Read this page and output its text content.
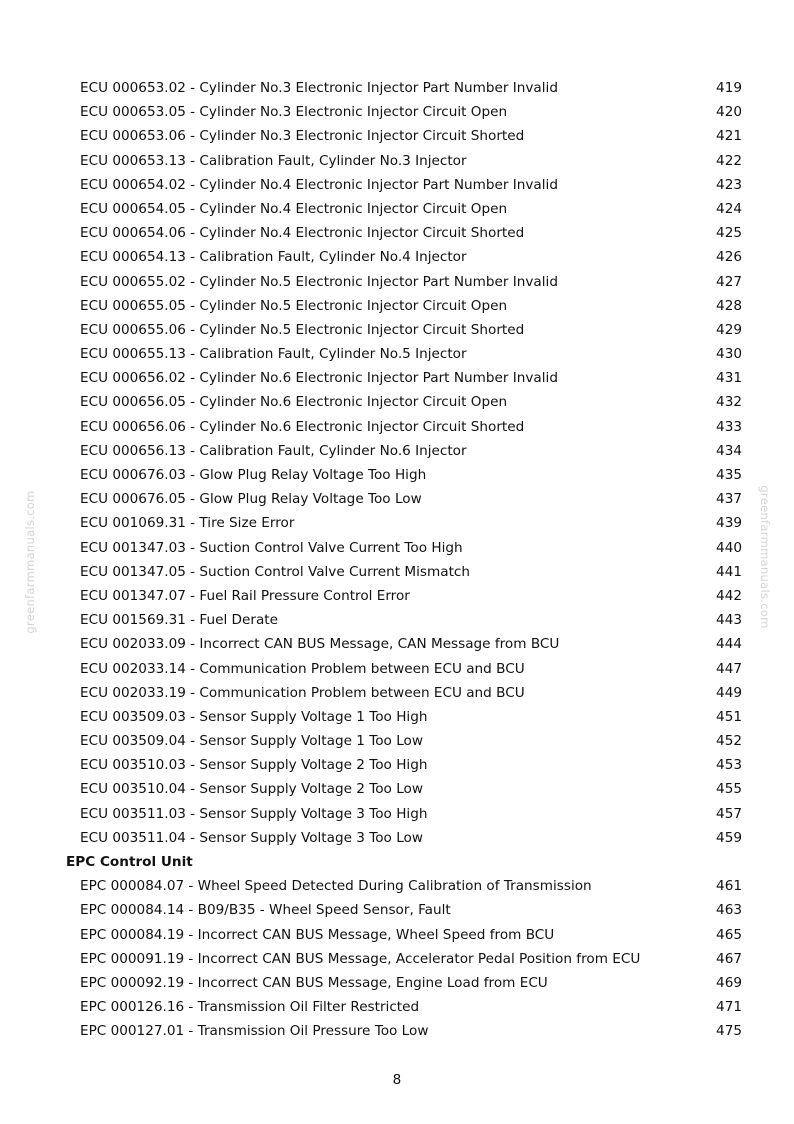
ECU 000653.02 - Cylinder No.3 Electronic Injector Part Number Invalid	419
ECU 000653.05 - Cylinder No.3 Electronic Injector Circuit Open	420
ECU 000653.06 - Cylinder No.3 Electronic Injector Circuit Shorted	421
ECU 000653.13 - Calibration Fault, Cylinder No.3 Injector	422
ECU 000654.02 - Cylinder No.4 Electronic Injector Part Number Invalid	423
ECU 000654.05 - Cylinder No.4 Electronic Injector Circuit Open	424
ECU 000654.06 - Cylinder No.4 Electronic Injector Circuit Shorted	425
ECU 000654.13 - Calibration Fault, Cylinder No.4 Injector	426
ECU 000655.02 - Cylinder No.5 Electronic Injector Part Number Invalid	427
ECU 000655.05 - Cylinder No.5 Electronic Injector Circuit Open	428
ECU 000655.06 - Cylinder No.5 Electronic Injector Circuit Shorted	429
ECU 000655.13 - Calibration Fault, Cylinder No.5 Injector	430
ECU 000656.02 - Cylinder No.6 Electronic Injector Part Number Invalid	431
ECU 000656.05 - Cylinder No.6 Electronic Injector Circuit Open	432
ECU 000656.06 - Cylinder No.6 Electronic Injector Circuit Shorted	433
ECU 000656.13 - Calibration Fault, Cylinder No.6 Injector	434
ECU 000676.03 - Glow Plug Relay Voltage Too High	435
ECU 000676.05 - Glow Plug Relay Voltage Too Low	437
ECU 001069.31 - Tire Size Error	439
ECU 001347.03 - Suction Control Valve Current Too High	440
ECU 001347.05 - Suction Control Valve Current Mismatch	441
ECU 001347.07 - Fuel Rail Pressure Control Error	442
ECU 001569.31 - Fuel Derate	443
ECU 002033.09 - Incorrect CAN BUS Message, CAN Message from BCU	444
ECU 002033.14 - Communication Problem between ECU and BCU	447
ECU 002033.19 - Communication Problem between ECU and BCU	449
ECU 003509.03 - Sensor Supply Voltage 1 Too High	451
ECU 003509.04 - Sensor Supply Voltage 1 Too Low	452
ECU 003510.03 - Sensor Supply Voltage 2 Too High	453
ECU 003510.04 - Sensor Supply Voltage 2 Too Low	455
ECU 003511.03 - Sensor Supply Voltage 3 Too High	457
ECU 003511.04 - Sensor Supply Voltage 3 Too Low	459
EPC Control Unit
EPC 000084.07 - Wheel Speed Detected During Calibration of Transmission	461
EPC 000084.14 - B09/B35 - Wheel Speed Sensor, Fault	463
EPC 000084.19 - Incorrect CAN BUS Message, Wheel Speed from BCU	465
EPC 000091.19 - Incorrect CAN BUS Message, Accelerator Pedal Position from ECU	467
EPC 000092.19 - Incorrect CAN BUS Message, Engine Load from ECU	469
EPC 000126.16 - Transmission Oil Filter Restricted	471
EPC 000127.01 - Transmission Oil Pressure Too Low	475
greenfarmmanuals.com	greenfarmmanuals.com
8
